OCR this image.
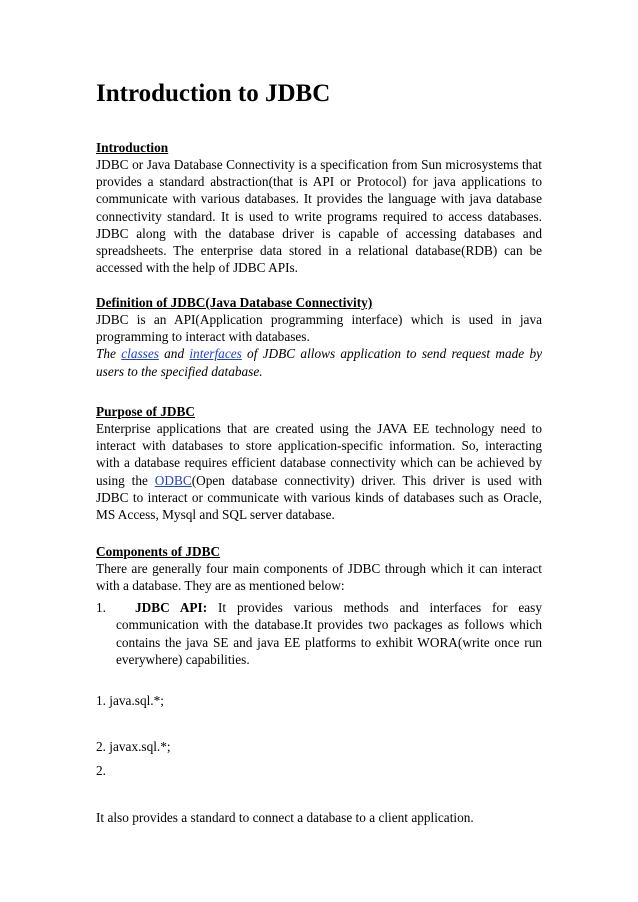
Introduction to JDBC
Introduction

JDBC or Java Database Connectivity is a specification from Sun microsystems that provides a standard abstraction(that is API or Protocol) for java applications to communicate with various databases. It provides the language with java database connectivity standard. It is used to write programs required to access databases. JDBC along with the database driver is capable of accessing databases and spreadsheets. The enterprise data stored in a relational database(RDB) can be accessed with the help of JDBC APIs.

Definition of JDBC(Java Database Connectivity)

JDBC is an API(Application programming interface) which is used in java programming to interact with databases.

The classes and interfaces of JDBC allows application to send request made by users to the specified database.

Purpose of JDBC

Enterprise applications that are created using the JAVA EE technology need to interact with databases to store application-specific information. So, interacting with a database requires efficient database connectivity which can be achieved by using the ODBC(Open database connectivity) driver. This driver is used with JDBC to interact or communicate with various kinds of databases such as Oracle, MS Access, Mysql and SQL server database.

Components of JDBC

There are generally four main components of JDBC through which it can interact with a database. They are as mentioned below:

1.	JDBC API: It provides various methods and interfaces for easy communication with the database.It provides two packages as follows which contains the java SE and java EE platforms to exhibit WORA(write once run everywhere) capabilities.

1. java.sql.*;
2. javax.sql.*;
2.
It also provides a standard to connect a database to a client application.
